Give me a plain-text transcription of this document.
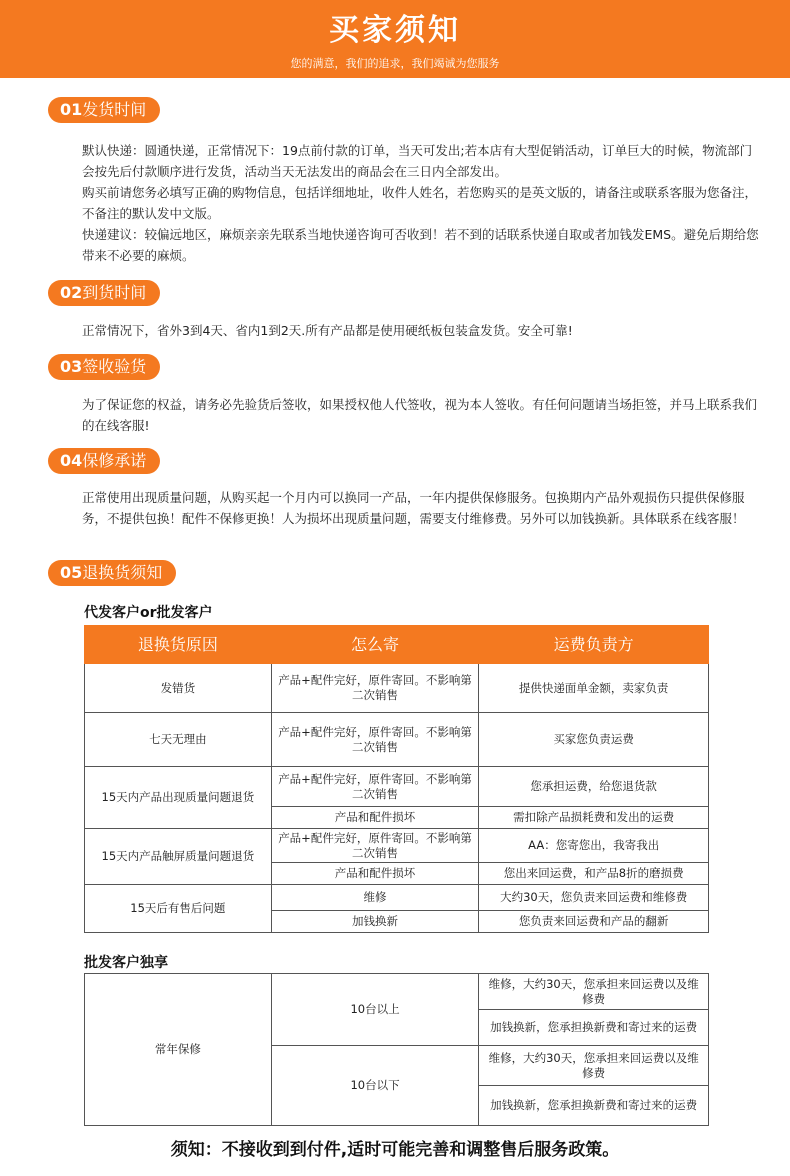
买家须知
您的满意，我们的追求，我们竭诚为您服务
01发货时间

默认快递：圆通快递，正常情况下：19点前付款的订单，当天可发出;若本店有大型促销活动，订单巨大的时候，物流部门会按先后付款顺序进行发货，活动当天无法发出的商品会在三日内全部发出。

购买前请您务必填写正确的购物信息，包括详细地址，收件人姓名，若您购买的是英文版的，请备注或联系客服为您备注，不备注的默认发中文版。

快递建议：较偏远地区，麻烦亲亲先联系当地快递咨询可否收到！若不到的话联系快递自取或者加钱发EMS。避免后期给您带来不必要的麻烦。

02到货时间

正常情况下，省外3到4天、省内1到2天.所有产品都是使用硬纸板包装盒发货。安全可靠!

03签收验货

为了保证您的权益，请务必先验货后签收，如果授权他人代签收，视为本人签收。有任何问题请当场拒签，并马上联系我们的在线客服!

04保修承诺

正常使用出现质量问题，从购买起一个月内可以换同一产品，一年内提供保修服务。包换期内产品外观损伤只提供保修服务，不提供包换！配件不保修更换！人为损坏出现质量问题，需要支付维修费。另外可以加钱换新。具体联系在线客服！

05退换货须知
代发客户or批发客户
退换货原因	怎么寄	运费负责方
发错货	产品+配件完好，原件寄回。不影响第二次销售	提供快递面单金额，卖家负责
七天无理由	产品+配件完好，原件寄回。不影响第二次销售	买家您负责运费
15天内产品出现质量问题退货	产品+配件完好，原件寄回。不影响第二次销售	您承担运费，给您退货款
	产品和配件损坏	需扣除产品损耗费和发出的运费
15天内产品触屏质量问题退货	产品+配件完好，原件寄回。不影响第二次销售	AA：您寄您出，我寄我出
	产品和配件损坏	您出来回运费，和产品8折的磨损费
15天后有售后问题	维修	大约30天，您负责来回运费和维修费
	加钱换新	您负责来回运费和产品的翻新
批发客户独享
常年保修	10台以上	维修，大约30天，您承担来回运费以及维修费
		加钱换新，您承担换新费和寄过来的运费
	10台以下	维修，大约30天，您承担来回运费以及维修费
		加钱换新，您承担换新费和寄过来的运费
须知：不接收到到付件,适时可能完善和调整售后服务政策。
